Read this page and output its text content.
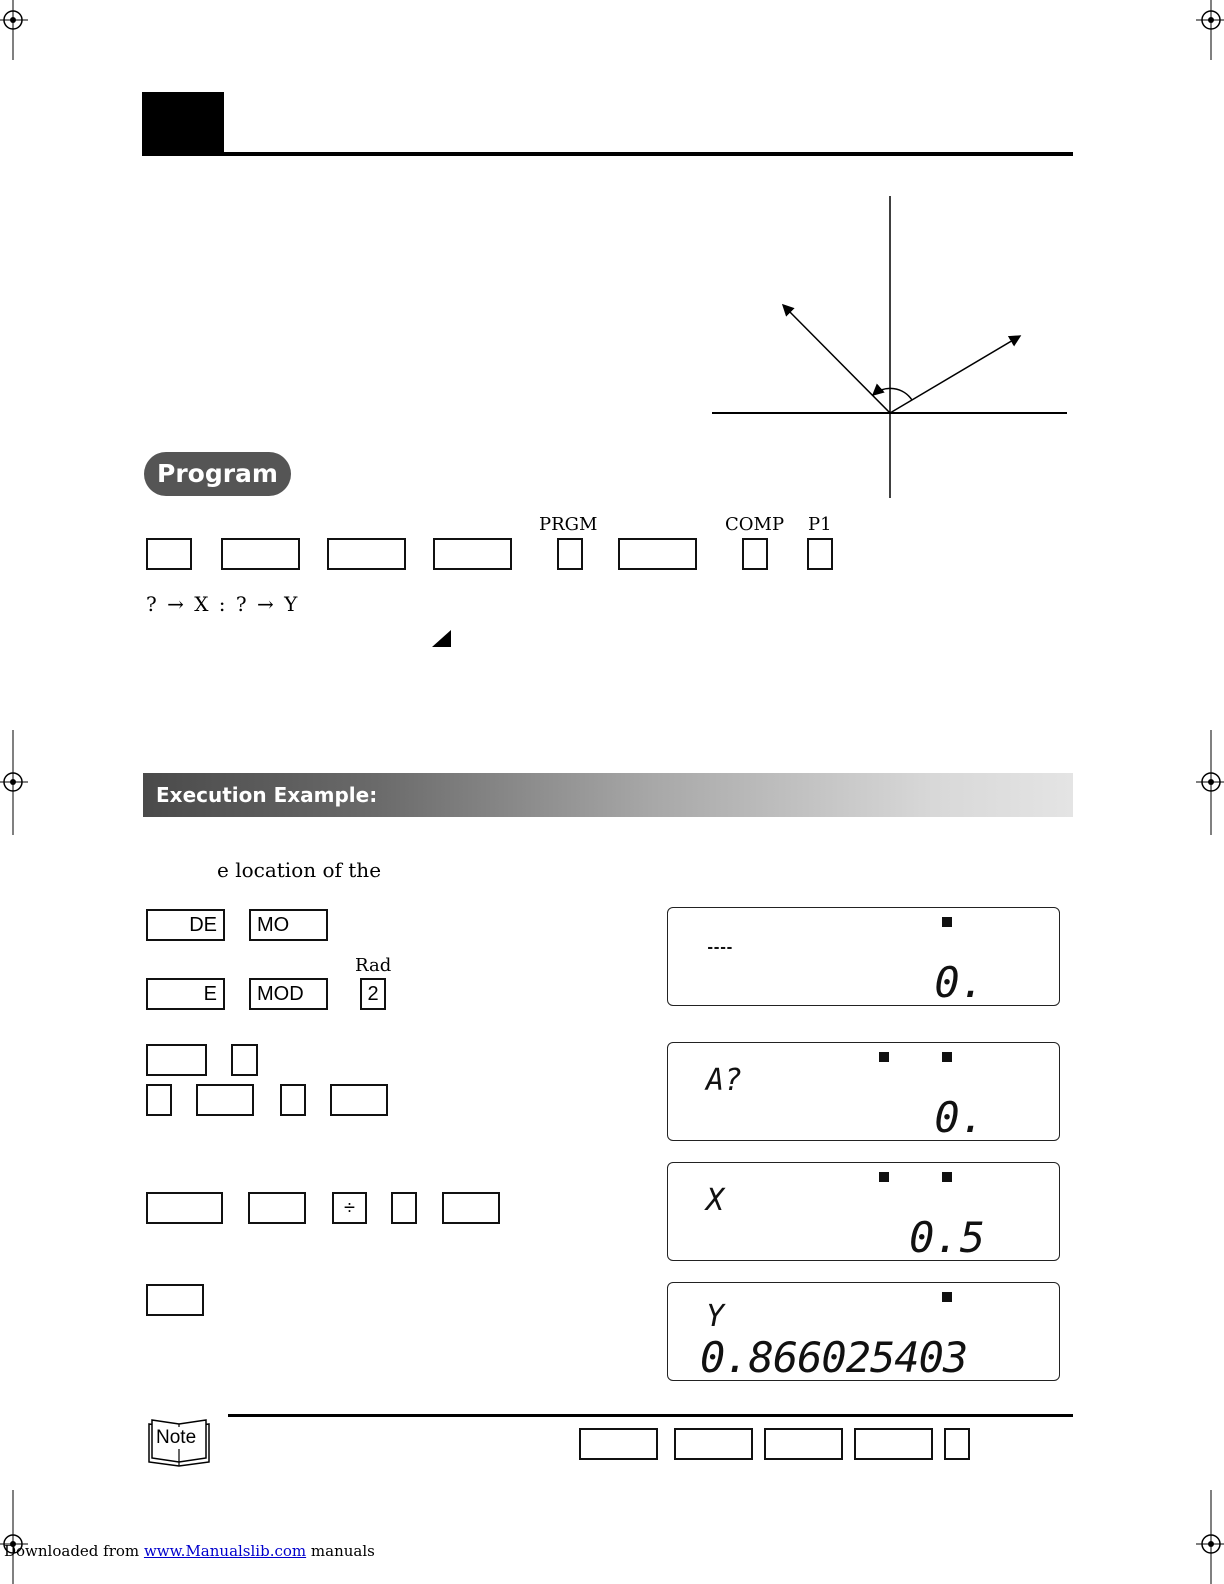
Program
PRGM	COMP P1
? → X : ? → Y
Execution Example:
e location of the
DE	MO
Rad
E	MOD	2
÷
----
0.
A?
0.
X
0.5
Y
0.866025403
Note
Downloaded from www.Manualslib.com manuals
